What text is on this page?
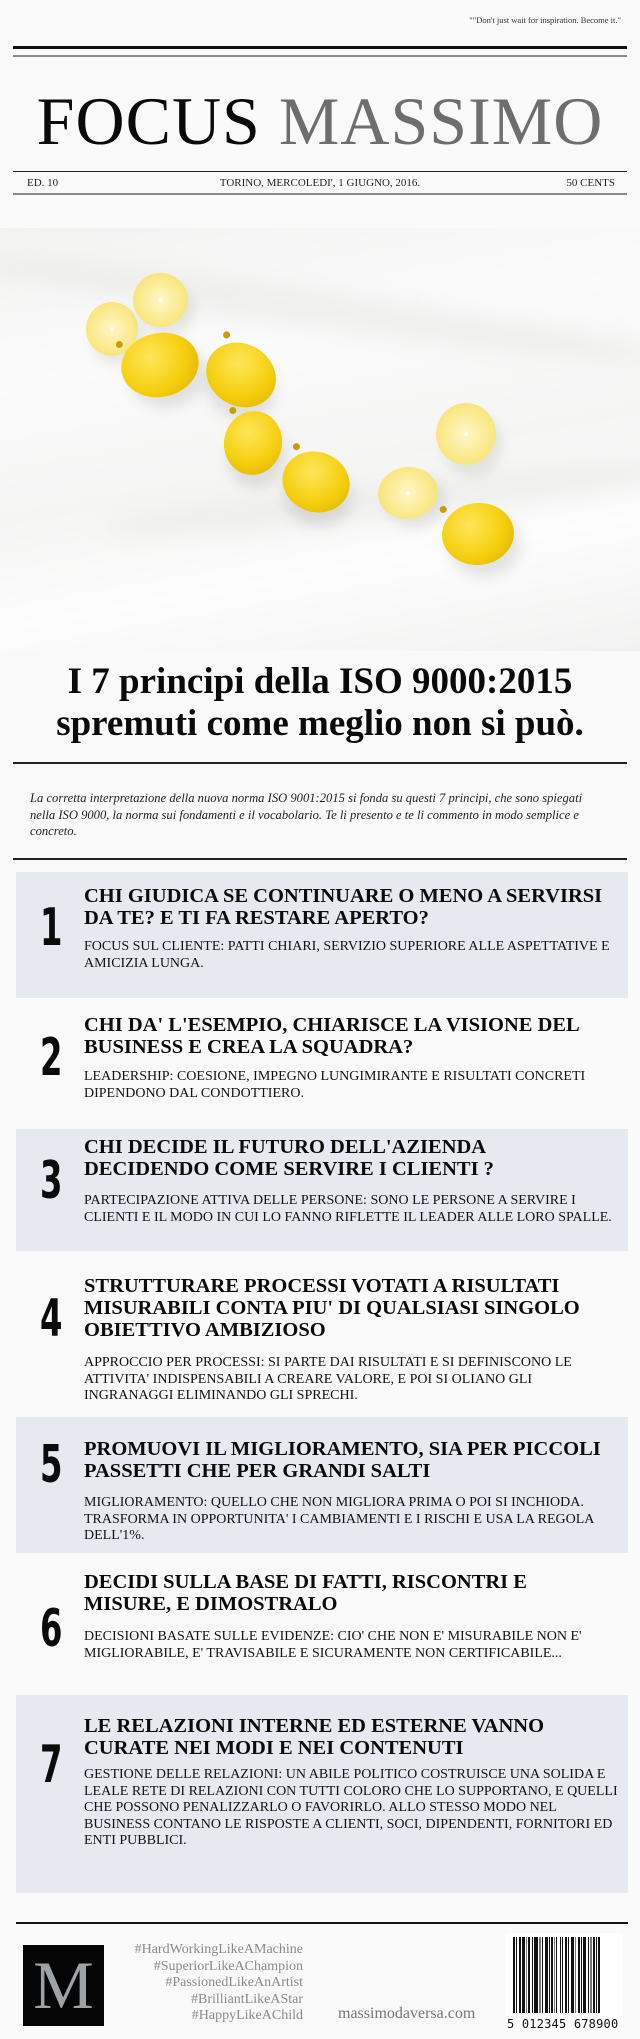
""Don't just wait for inspiration. Become it."
FOCUS MASSIMO
ED. 10	TORINO, MERCOLEDI', 1 GIUGNO, 2016.	50 CENTS
I 7 principi della ISO 9000:2015
spremuti come meglio non si può.

La corretta interpretazione della nuova norma ISO 9001:2015 si fonda su questi 7 principi, che sono spiegati nella ISO 9000, la norma sui fondamenti e il vocabolario. Te li presento e te li commento in modo semplice e concreto.

1
CHI GIUDICA SE CONTINUARE O MENO A SERVIRSI DA TE? E TI FA RESTARE APERTO?
FOCUS SUL CLIENTE: PATTI CHIARI, SERVIZIO SUPERIORE ALLE ASPETTATIVE E AMICIZIA LUNGA.
2
CHI DA' L'ESEMPIO, CHIARISCE LA VISIONE DEL BUSINESS E CREA LA SQUADRA?
LEADERSHIP: COESIONE, IMPEGNO LUNGIMIRANTE E RISULTATI CONCRETI DIPENDONO DAL CONDOTTIERO.
3
CHI DECIDE IL FUTURO DELL'AZIENDA DECIDENDO COME SERVIRE I CLIENTI ?
PARTECIPAZIONE ATTIVA DELLE PERSONE: SONO LE PERSONE A SERVIRE I CLIENTI E IL MODO IN CUI LO FANNO RIFLETTE IL LEADER ALLE LORO SPALLE.
4
STRUTTURARE PROCESSI VOTATI A RISULTATI MISURABILI CONTA PIU' DI QUALSIASI SINGOLO OBIETTIVO AMBIZIOSO
APPROCCIO PER PROCESSI: SI PARTE DAI RISULTATI E SI DEFINISCONO LE ATTIVITA' INDISPENSABILI A CREARE VALORE, E POI SI OLIANO GLI INGRANAGGI ELIMINANDO GLI SPRECHI.
5 PROMUOVI IL MIGLIORAMENTO, SIA PER PICCOLI PASSETTI CHE PER GRANDI SALTI
MIGLIORAMENTO: QUELLO CHE NON MIGLIORA PRIMA O POI SI INCHIODA. TRASFORMA IN OPPORTUNITA' I CAMBIAMENTI E I RISCHI E USA LA REGOLA DELL'1%.
6
DECIDI SULLA BASE DI FATTI, RISCONTRI E MISURE, E DIMOSTRALO
DECISIONI BASATE SULLE EVIDENZE: CIO' CHE NON E' MISURABILE NON E' MIGLIORABILE, E' TRAVISABILE E SICURAMENTE NON CERTIFICABILE...
7
LE RELAZIONI INTERNE ED ESTERNE VANNO CURATE NEI MODI E NEI CONTENUTI
GESTIONE DELLE RELAZIONI: UN ABILE POLITICO COSTRUISCE UNA SOLIDA E LEALE RETE DI RELAZIONI CON TUTTI COLORO CHE LO SUPPORTANO, E QUELLI CHE POSSONO PENALIZZARLO O FAVORIRLO. ALLO STESSO MODO NEL BUSINESS CONTANO LE RISPOSTE A CLIENTI, SOCI, DIPENDENTI, FORNITORI ED ENTI PUBBLICI.
M	#HardWorkingLikeAMachine
#SuperiorLikeAChampion
#PassionedLikeAnArtist
#BrilliantLikeAStar
#HappyLikeAChild massimodaversa.com
5 012345 678900
